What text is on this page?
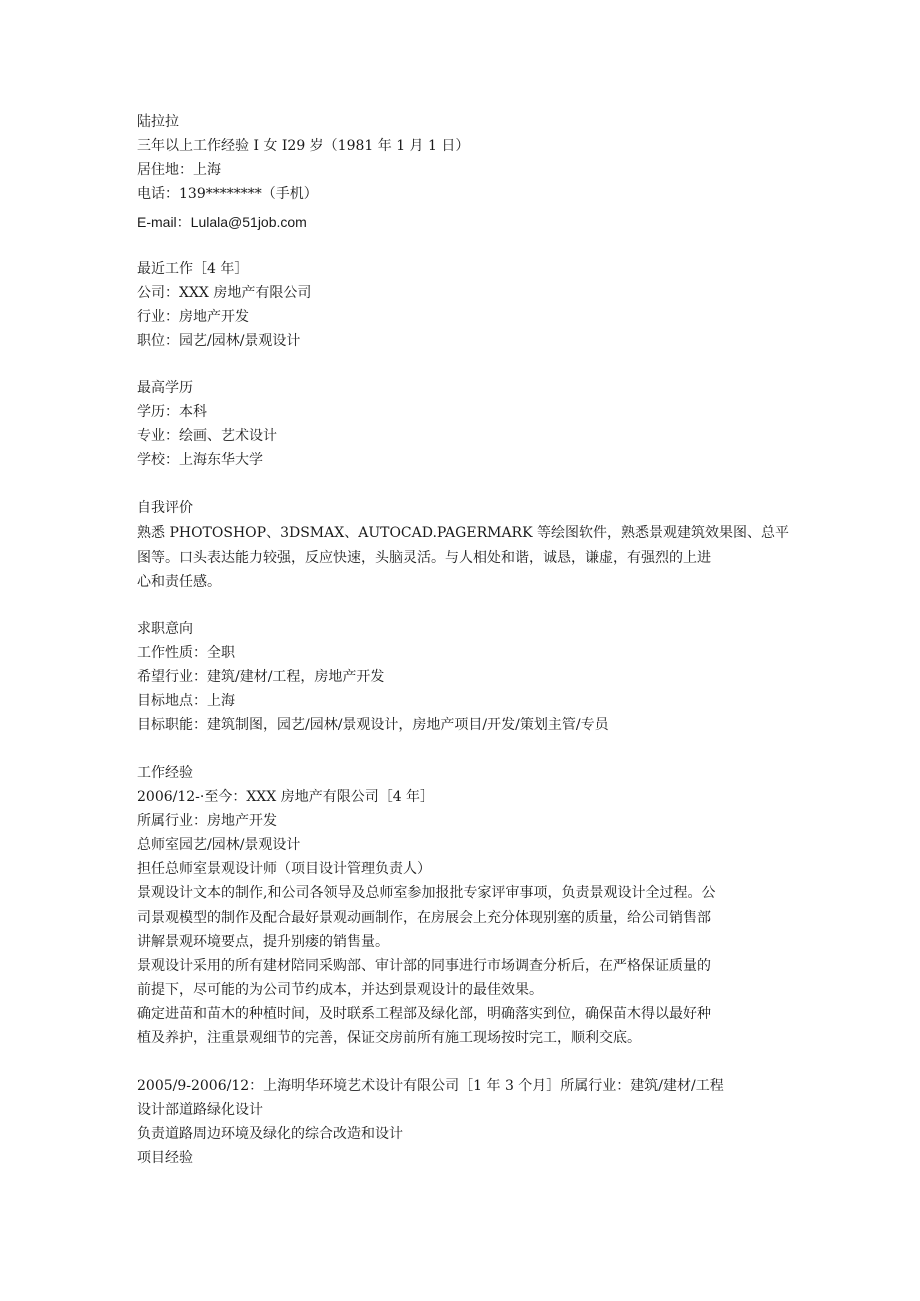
陆拉拉
三年以上工作经验 I 女 I29 岁（1981 年 1 月 1 日）
居住地：上海
电话：139********（手机）
E-mail：Lulala@51job.com
最近工作［4 年］
公司：XXX 房地产有限公司
行业：房地产开发
职位：园艺/园林/景观设计
最高学历
学历：本科
专业：绘画、艺术设计
学校：上海东华大学
自我评价
熟悉 PHOTOSHOP、3DSMAX、AUTOCAD.PAGERMARK 等绘图软件，熟悉景观建筑效果图、总平
图等。口头表达能力较强，反应快速，头脑灵活。与人相处和谐，诚恳，谦虚，有强烈的上进
心和责任感。
求职意向
工作性质：全职
希望行业：建筑/建材/工程，房地产开发
目标地点：上海
目标职能：建筑制图，园艺/园林/景观设计，房地产项目/开发/策划主管/专员
工作经验
2006/12-·至今：XXX 房地产有限公司［4 年］
所属行业：房地产开发
总师室园艺/园林/景观设计
担任总师室景观设计师（项目设计管理负责人）
景观设计文本的制作,和公司各领导及总师室参加报批专家评审事项，负责景观设计全过程。公
司景观模型的制作及配合最好景观动画制作，在房展会上充分体现别塞的质量，给公司销售部
讲解景观环境要点，提升别瘘的销售量。
景观设计采用的所有建材陪同采购部、审计部的同事进行市场调查分析后，在严格保证质量的
前提下，尽可能的为公司节约成本，并达到景观设计的最佳效果。
确定进苗和苗木的种植时间，及时联系工程部及绿化部，明确落实到位，确保苗木得以最好种
植及养护，注重景观细节的完善，保证交房前所有施工现场按时完工，顺利交底。
2005/9-2006/12：上海明华环境艺术设计有限公司［1 年 3 个月］所属行业：建筑/建材/工程
设计部道路绿化设计
负责道路周边环境及绿化的综合改造和设计
项目经验
